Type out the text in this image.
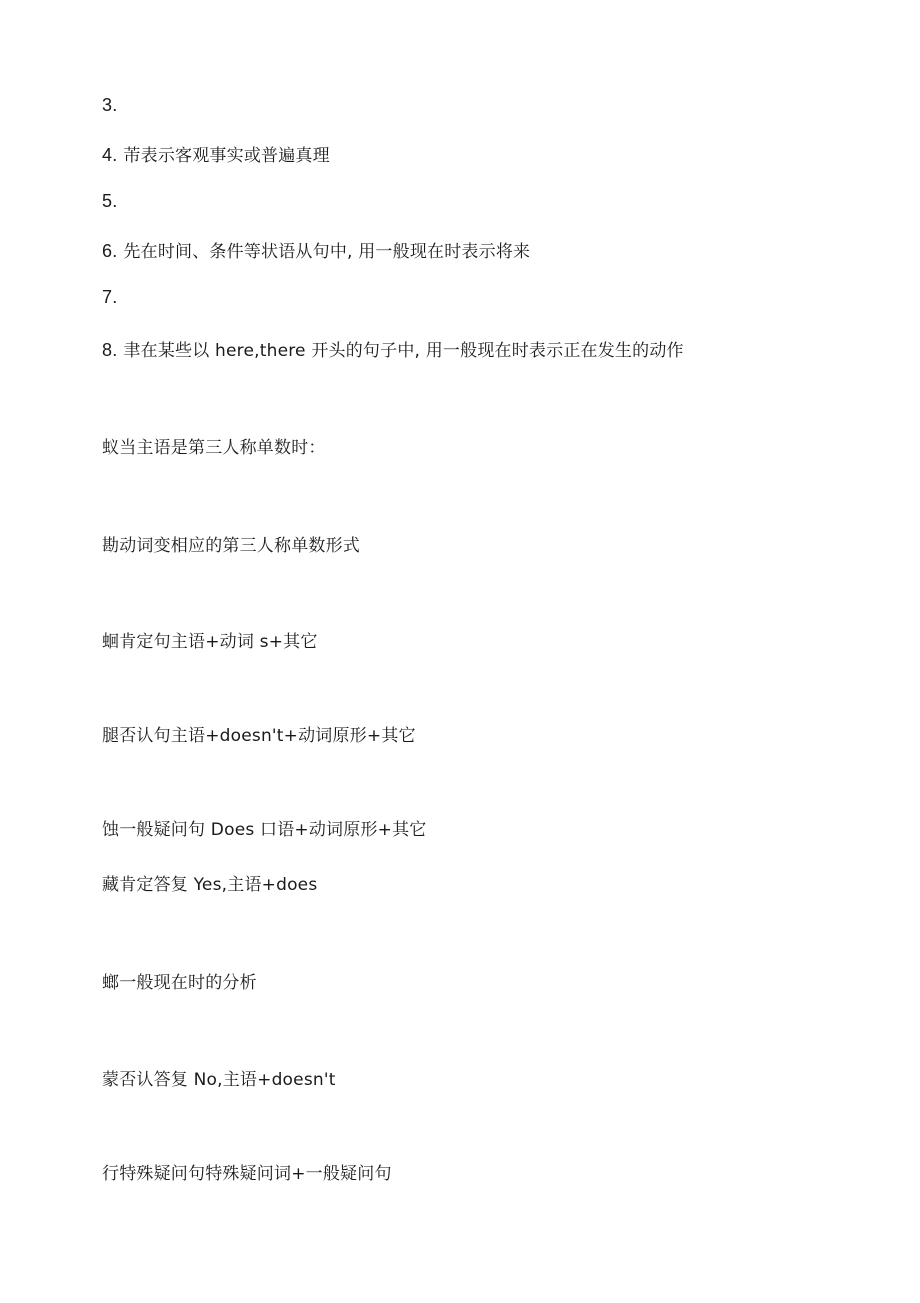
3.
4. 芾表示客观事实或普遍真理
5.
6. 先在时间、条件等状语从句中, 用一般现在时表示将来
7.
8. 聿在某些以 here,there 开头的句子中, 用一般现在时表示正在发生的动作
蚁当主语是第三人称单数时：
勘动词变相应的第三人称单数形式
蛔肯定句主语+动词 s+其它
腿否认句主语+doesn't+动词原形+其它
蚀一般疑问句 Does 口语+动词原形+其它
藏肯定答复 Yes,主语+does
螂一般现在时的分析
蒙否认答复 No,主语+doesn't
行特殊疑问句特殊疑问词+一般疑问句
